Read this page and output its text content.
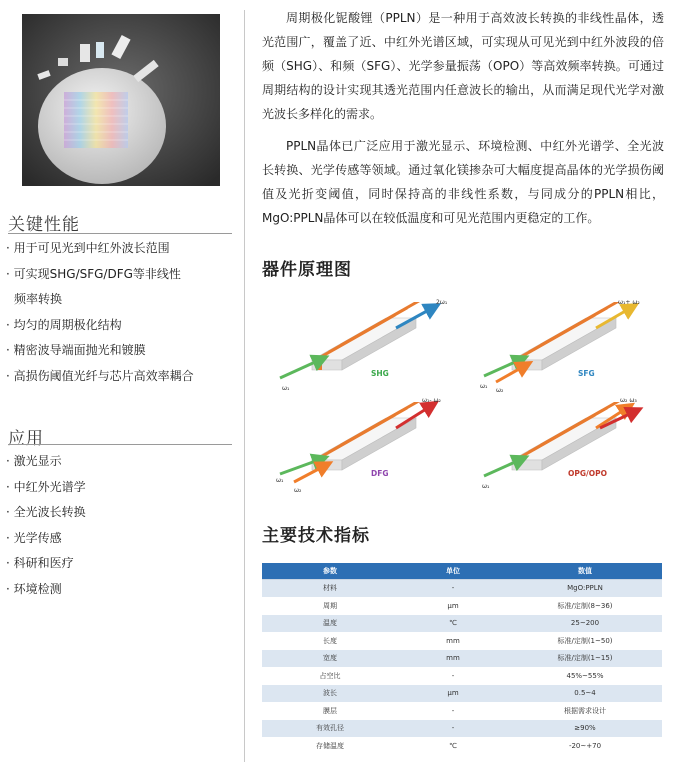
关键性能
· 用于可见光到中红外波长范围
· 可实现SHG/SFG/DFG等非线性
频率转换
· 均匀的周期极化结构
· 精密波导端面抛光和镀膜
· 高损伤阈值光纤与芯片高效率耦合
应用
· 激光显示
· 中红外光谱学
· 全光波长转换
· 光学传感
· 科研和医疗
· 环境检测

周期极化铌酸锂（PPLN）是一种用于高效波长转换的非线性晶体，透光范围广，覆盖了近、中红外光谱区域，可实现从可见光到中红外波段的倍频（SHG）、和频（SFG）、光学参量振荡（OPO）等高效频率转换。可通过周期结构的设计实现其透光范围内任意波长的输出，从而满足现代光学对激光波长多样化的需求。

PPLN晶体已广泛应用于激光显示、环境检测、中红外光谱学、全光波长转换、光学传感等领域。通过氧化镁掺杂可大幅度提高晶体的光学损伤阈值及光折变阈值，同时保持高的非线性系数，与同成分的PPLN相比，MgO:PPLN晶体可以在较低温度和可见光范围内更稳定的工作。

器件原理图
ω₁
2ω₁
SHG
ω₁
ω₂
ω₁+ ω₂
SFG
ω₁
ω₂
ω₁- ω₂
DFG
ω₁
ω₂ ω₃
OPG/OPO
主要技术指标
参数	单位	数值
材料	-	MgO:PPLN
周期	μm	标准/定制(8~36)
温度	℃	25~200
长度	mm	标准/定制(1~50)
宽度	mm	标准/定制(1~15)
占空比	-	45%~55%
波长	μm	0.5~4
膜层	-	根据需求设计
有效孔径	-	≥90%
存储温度	℃	-20~+70
